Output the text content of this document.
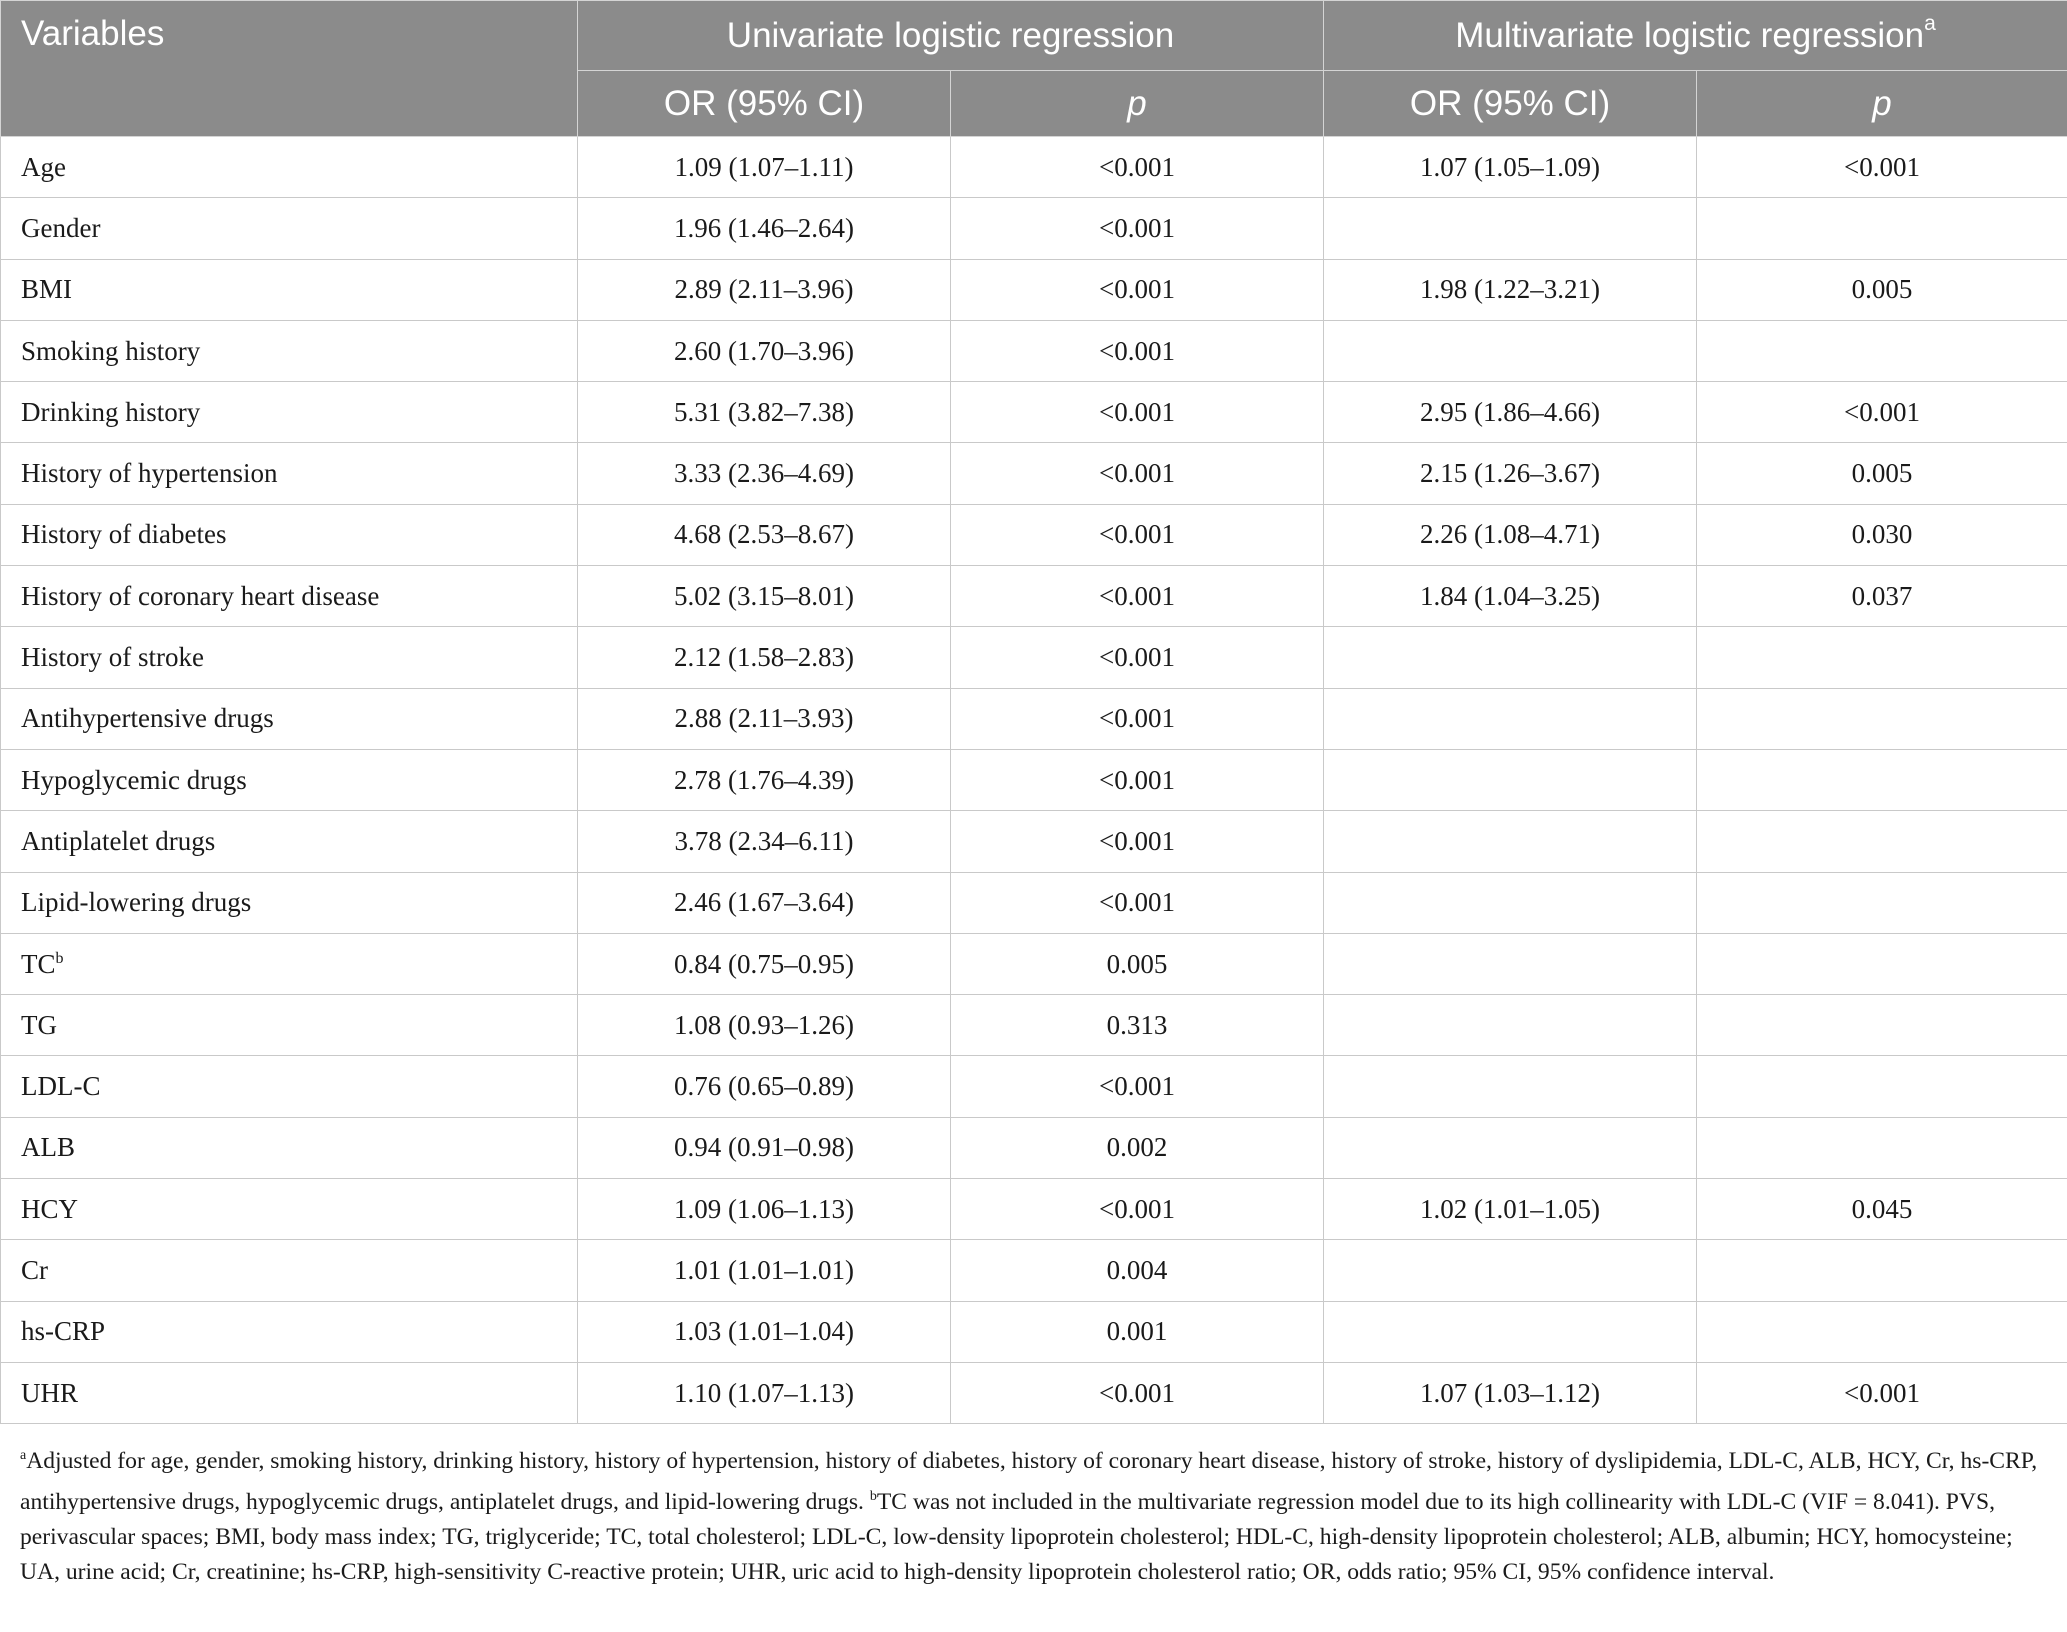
Variables	Univariate logistic regression		Multivariate logistic regression$^a$
	OR (95% CI)	p	OR (95% CI)	p
Age	1.09 (1.07–1.11)	<0.001	1.07 (1.05–1.09)	<0.001
Gender	1.96 (1.46–2.64)	<0.001		
BMI	2.89 (2.11–3.96)	<0.001	1.98 (1.22–3.21)	0.005
Smoking history	2.60 (1.70–3.96)	<0.001		
Drinking history	5.31 (3.82–7.38)	<0.001	2.95 (1.86–4.66)	<0.001
History of hypertension	3.33 (2.36–4.69)	<0.001	2.15 (1.26–3.67)	0.005
History of diabetes	4.68 (2.53–8.67)	<0.001	2.26 (1.08–4.71)	0.030
History of coronary heart disease	5.02 (3.15–8.01)	<0.001	1.84 (1.04–3.25)	0.037
History of stroke	2.12 (1.58–2.83)	<0.001		
Antihypertensive drugs	2.88 (2.11–3.93)	<0.001		
Hypoglycemic drugs	2.78 (1.76–4.39)	<0.001		
Antiplatelet drugs	3.78 (2.34–6.11)	<0.001		
Lipid-lowering drugs	2.46 (1.67–3.64)	<0.001		
$TC^b$	0.84 (0.75–0.95)	0.005		
TG	1.08 (0.93–1.26)	0.313		
LDL-C	0.76 (0.65–0.89)	<0.001		
ALB	0.94 (0.91–0.98)	0.002		
HCY	1.09 (1.06–1.13)	<0.001	1.02 (1.01–1.05)	0.045
Cr	1.01 (1.01–1.01)	0.004		
hs-CRP	1.03 (1.01–1.04)	0.001		
UHR	1.10 (1.07–1.13)	<0.001	1.07 (1.03–1.12)	<0.001
$^a$Adjusted for age, gender, smoking history, drinking history, history of hypertension, history of diabetes, history of coronary heart disease, history of stroke, history of dyslipidemia, LDL-C, ALB, HCY, Cr, hs-CRP, antihypertensive drugs, hypoglycemic drugs, antiplatelet drugs, and lipid-lowering drugs. $^b$TC was not included in the multivariate regression model due to its high collinearity with LDL-C (VIF = 8.041). PVS, perivascular spaces; BMI, body mass index; TG, triglyceride; TC, total cholesterol; LDL-C, low-density lipoprotein cholesterol; HDL-C, high-density lipoprotein cholesterol; ALB, albumin; HCY, homocysteine; UA, urine acid; Cr, creatinine; hs-CRP, high-sensitivity C-reactive protein; UHR, uric acid to high-density lipoprotein cholesterol ratio; OR, odds ratio; 95% CI, 95% confidence interval.
